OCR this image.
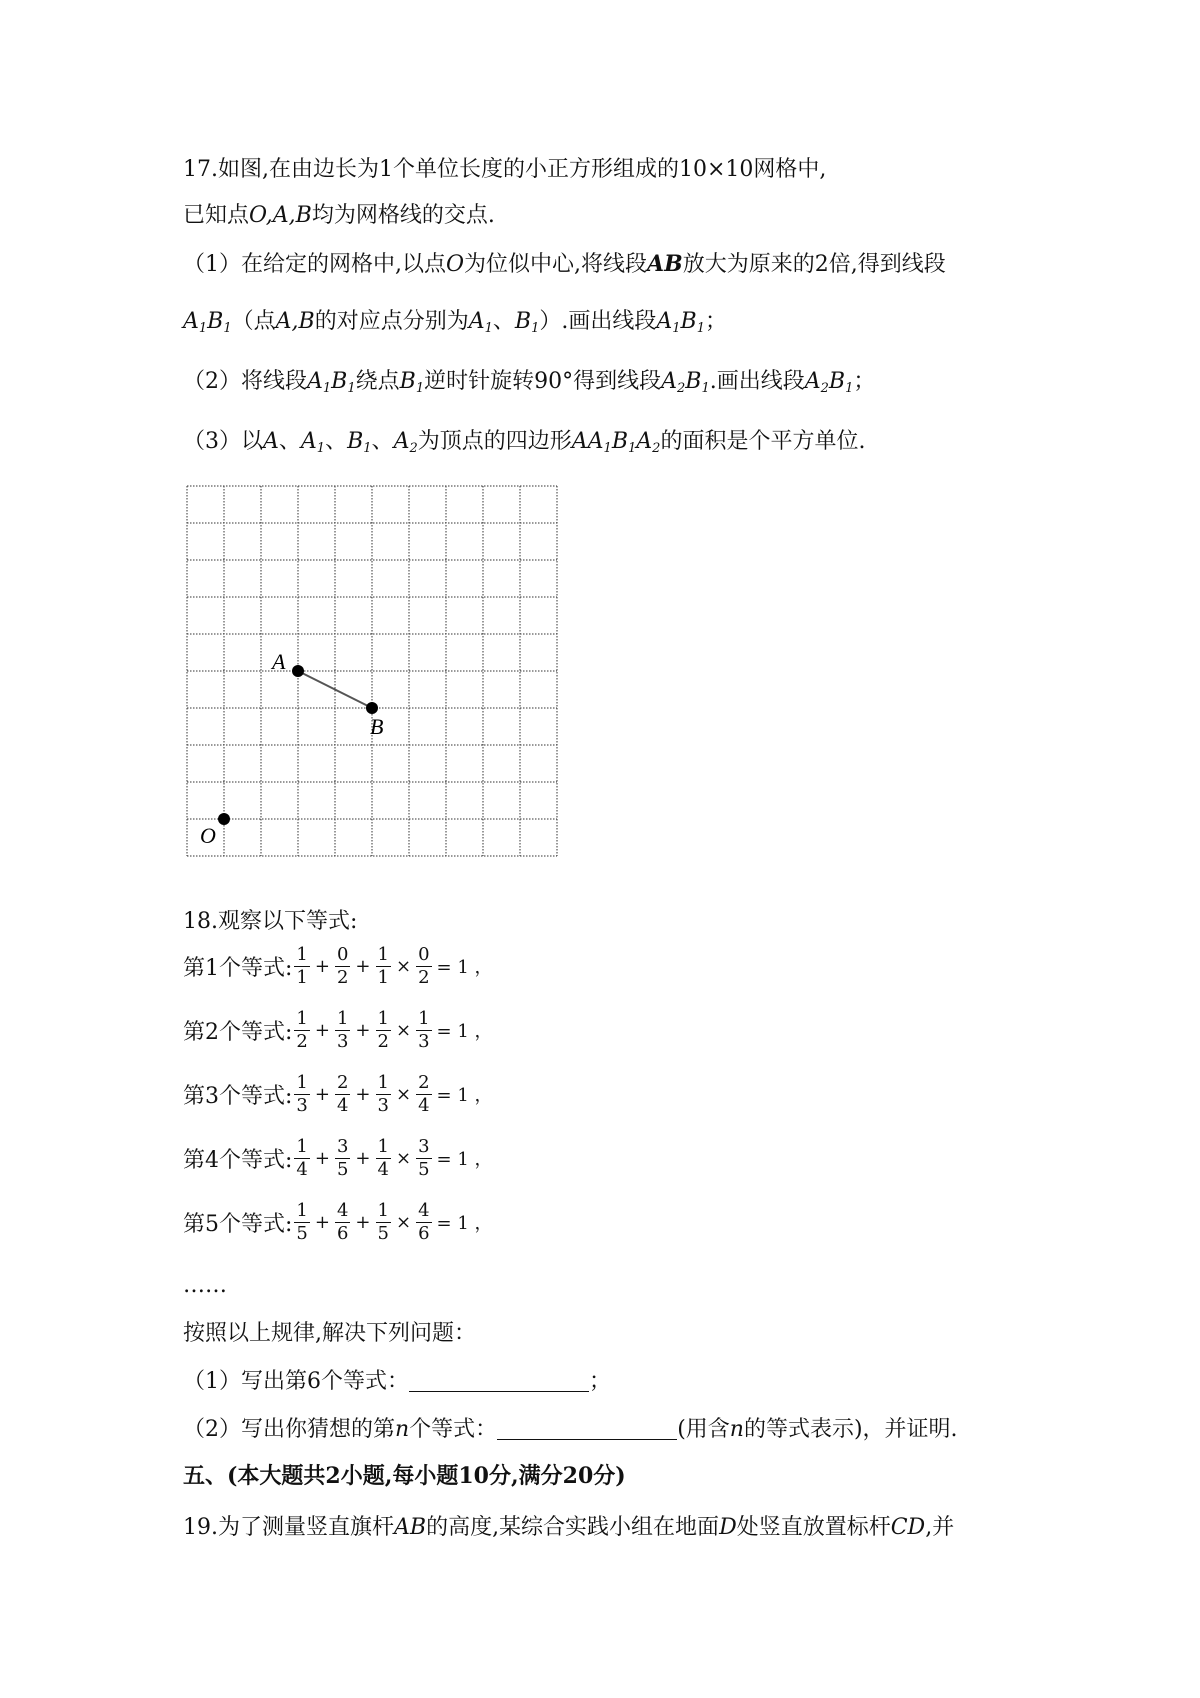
17.如图,在由边长为1个单位长度的小正方形组成的10×10网格中,
已知点O,A,B均为网格线的交点.
（1）在给定的网格中,以点O为位似中心,将线段AB放大为原来的2倍,得到线段
$A_1B_1$（点A,B的对应点分别为$A_1$、$B_1$）.画出线段$A_1B_1$；
（2）将线段$A_1B_1$绕点$B_1$逆时针旋转90°得到线段$A_2B_1$.画出线段$A_2B_1$；
（3）以A、$A_1$、$B_1$、$A_2$为顶点的四边形$AA_1B_1A_2$的面积是个平方单位.
A
B
O
18.观察以下等式:
第1个等式: $\frac{1}{1} + \frac{0}{2} + \frac{1}{1} \times \frac{0}{2} = 1$ ，
第2个等式: $\frac{1}{2} + \frac{1}{3} + \frac{1}{2} \times \frac{1}{3} = 1$ ，
第3个等式: $\frac{1}{3} + \frac{2}{4} + \frac{1}{3} \times \frac{2}{4} = 1$ ，
第4个等式: $\frac{1}{4} + \frac{3}{5} + \frac{1}{4} \times \frac{3}{5} = 1$ ，
第5个等式: $\frac{1}{5} + \frac{4}{6} + \frac{1}{5} \times \frac{4}{6} = 1$ ，
……
按照以上规律,解决下列问题：
（1）写出第6个等式：	；
（2）写出你猜想的第n个等式：	(用含n的等式表示)，并证明.
五、(本大题共2小题,每小题10分,满分20分)
19.为了测量竖直旗杆AB的高度,某综合实践小组在地面D处竖直放置标杆CD,并
